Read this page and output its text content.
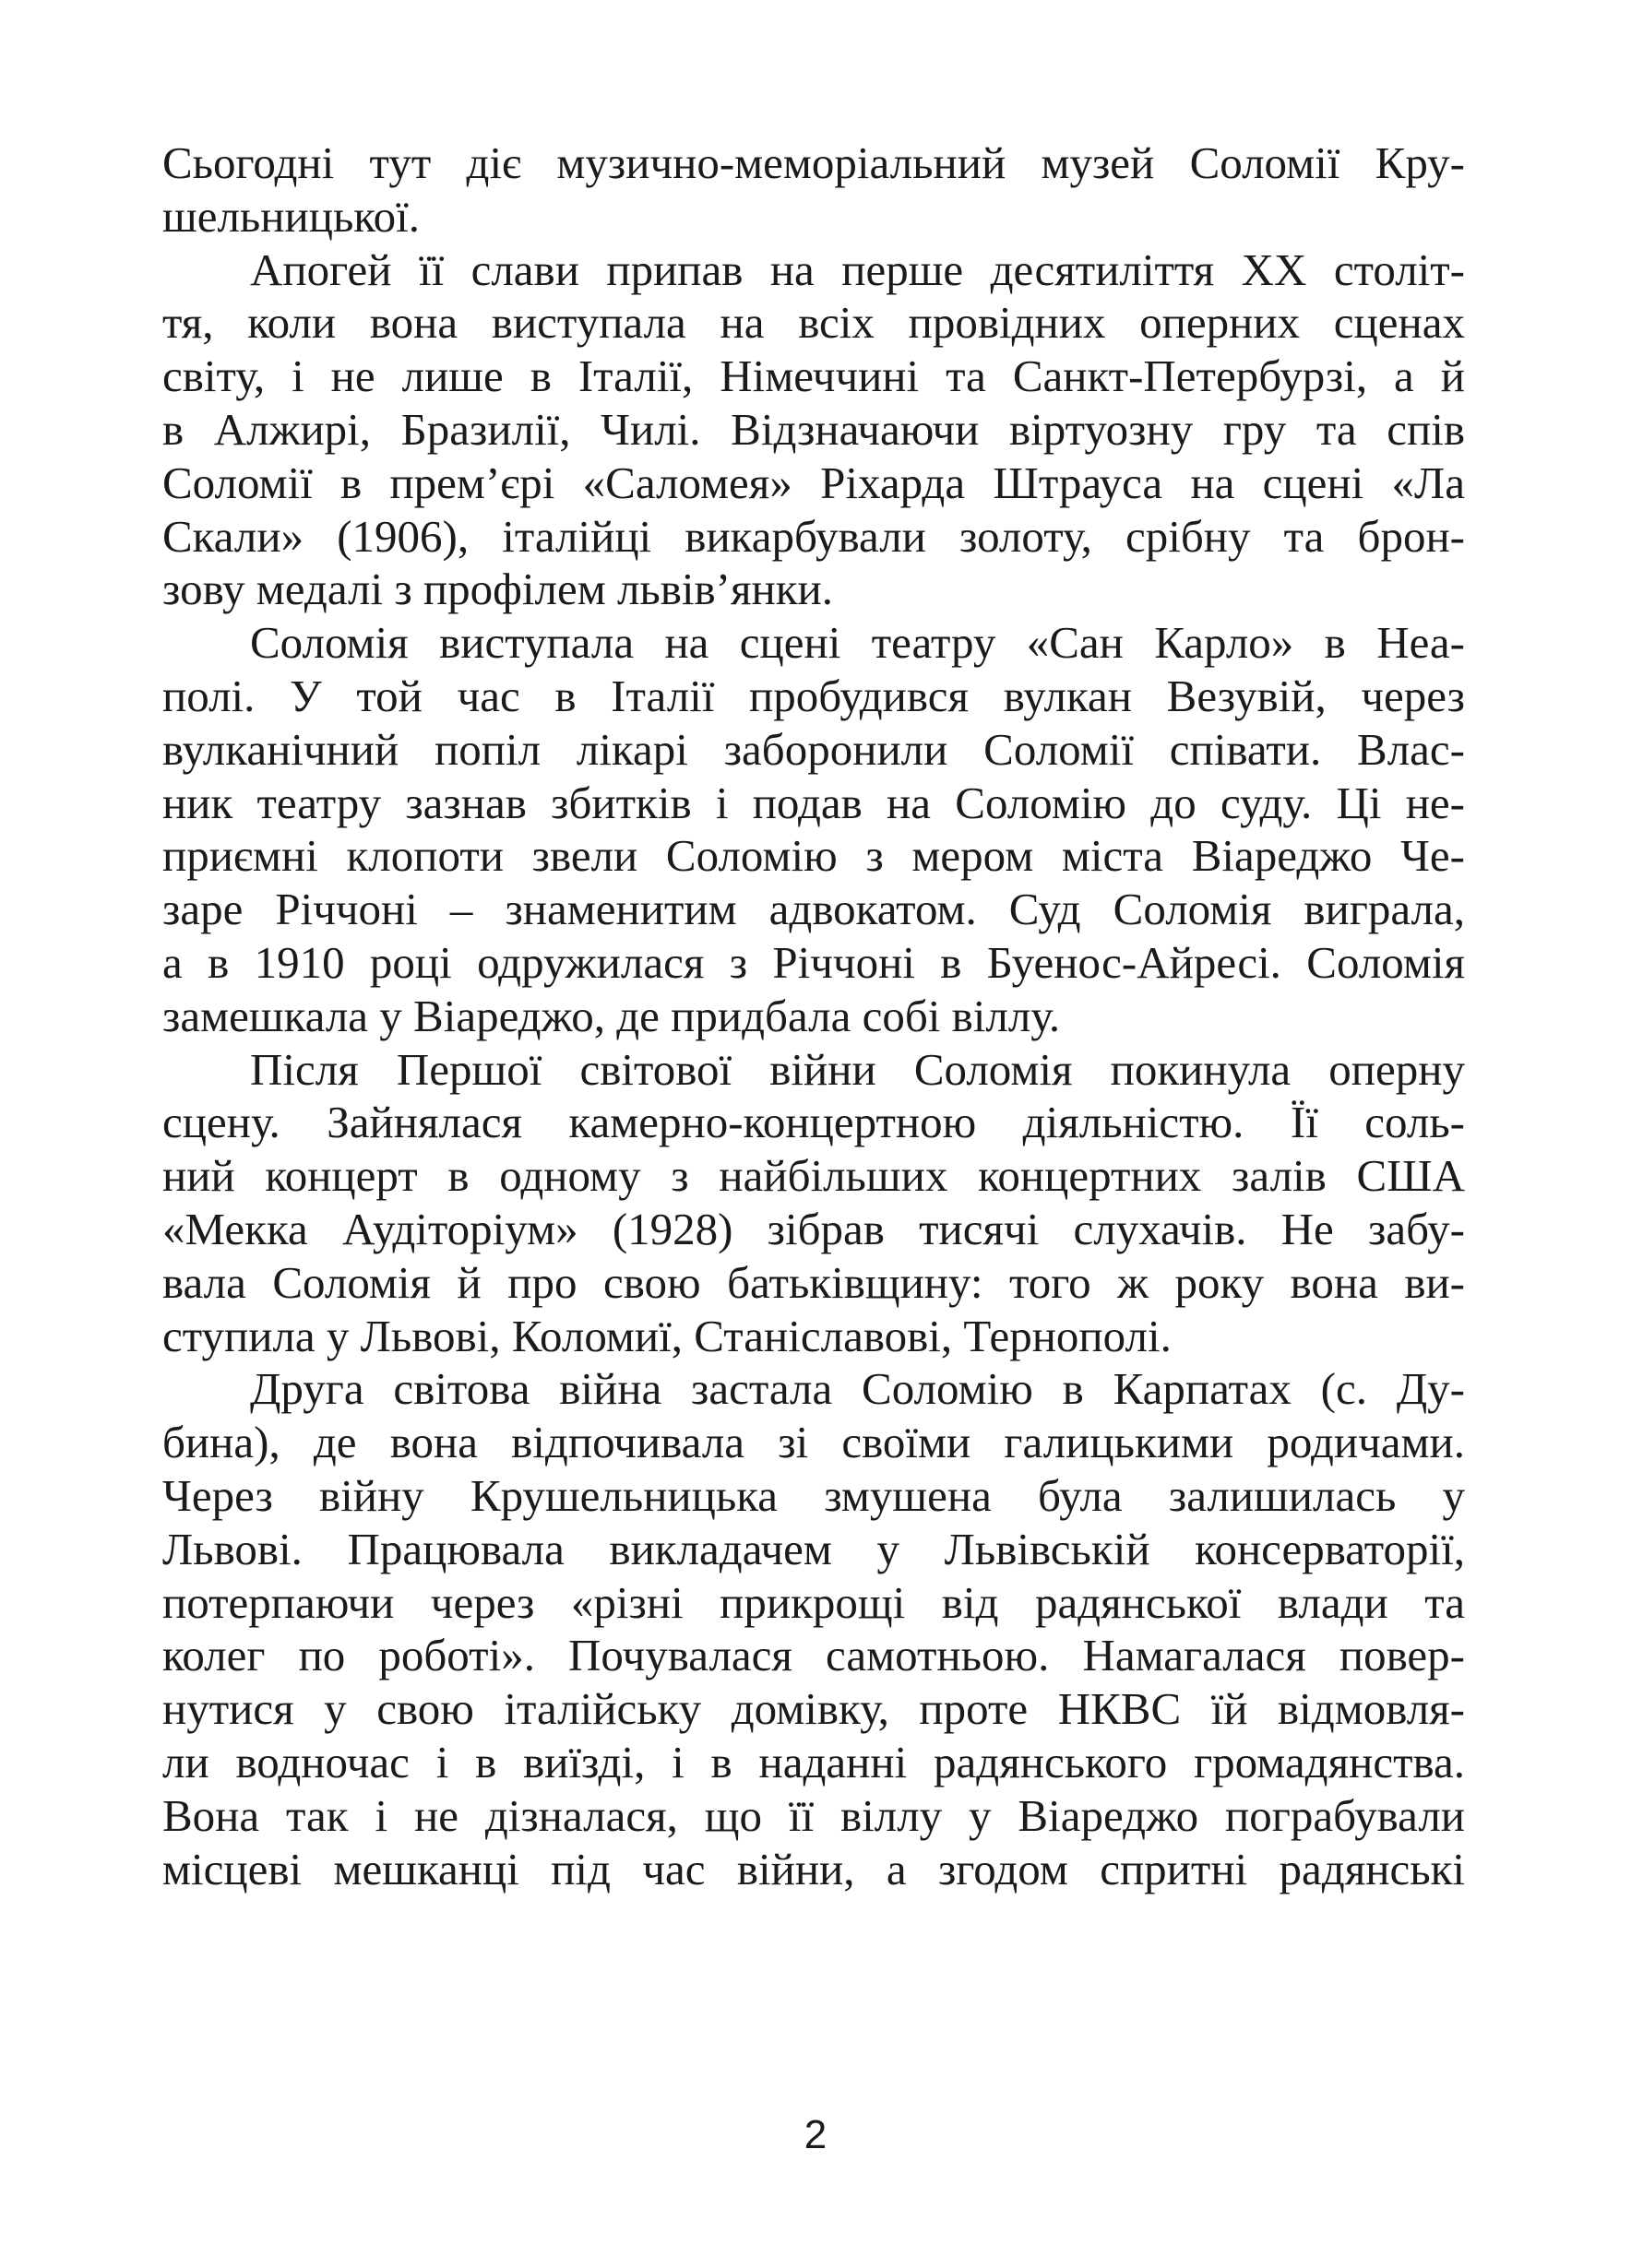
Сьогодні тут діє музично-меморіальний музей Соломії Кру-
шельницької.
Апогей її слави припав на перше десятиліття XX століт-
тя, коли вона виступала на всіх провідних оперних сценах
світу, і не лише в Італії, Німеччині та Санкт-Петербурзі, а й
в Алжирі, Бразилії, Чилі. Відзначаючи віртуозну гру та спів
Соломії в прем’єрі «Саломея» Ріхарда Штрауса на сцені «Ла
Скали» (1906), італійці викарбували золоту, срібну та брон-
зову медалі з профілем львів’янки.
Соломія виступала на сцені театру «Сан Карло» в Неа-
полі. У той час в Італії пробудився вулкан Везувій, через
вулканічний попіл лікарі заборонили Соломії співати. Влас-
ник театру зазнав збитків і подав на Соломію до суду. Ці не-
приємні клопоти звели Соломію з мером міста Віареджо Че-
заре Річчоні – знаменитим адвокатом. Суд Соломія виграла,
а в 1910 році одружилася з Річчоні в Буенос-Айресі. Соломія
замешкала у Віареджо, де придбала собі віллу.
Після Першої світової війни Соломія покинула оперну
сцену. Зайнялася камерно-концертною діяльністю. Її соль-
ний концерт в одному з найбільших концертних залів США
«Мекка Аудіторіум» (1928) зібрав тисячі слухачів. Не забу-
вала Соломія й про свою батьківщину: того ж року вона ви-
ступила у Львові, Коломиї, Станіславові, Тернополі.
Друга світова війна застала Соломію в Карпатах (с. Ду-
бина), де вона відпочивала зі своїми галицькими родичами.
Через війну Крушельницька змушена була залишилась у
Львові. Працювала викладачем у Львівській консерваторії,
потерпаючи через «різні прикрощі від радянської влади та
колег по роботі». Почувалася самотньою. Намагалася повер-
нутися у свою італійську домівку, проте НКВС їй відмовля-
ли водночас і в виїзді, і в наданні радянського громадянства.
Вона так і не дізналася, що її віллу у Віареджо пограбували
місцеві мешканці під час війни, а згодом спритні радянські
2
